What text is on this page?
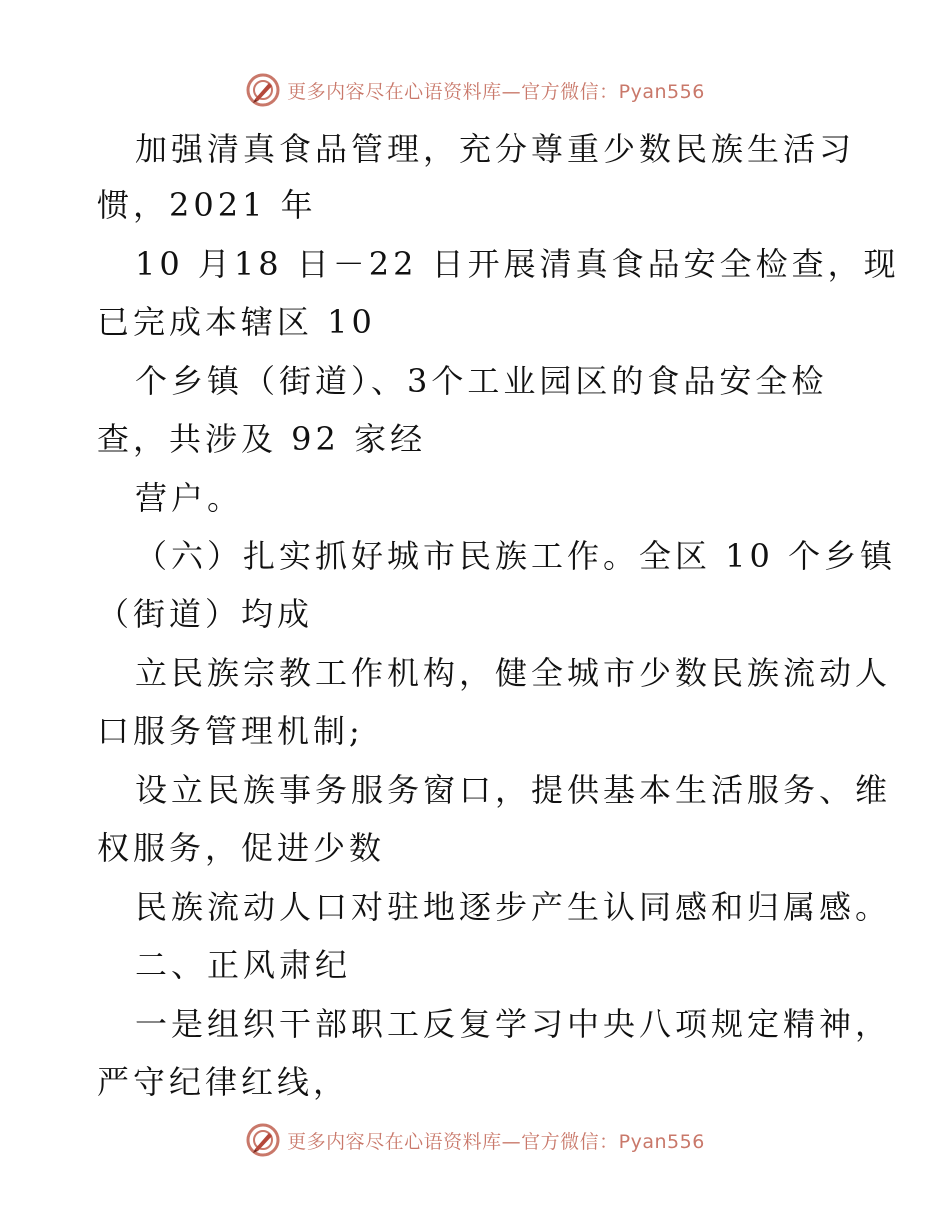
更多内容尽在心语资料库—官方微信：Pyan556
加强清真食品管理，充分尊重少数民族生活习
惯，2021 年
10 月18 日－22 日开展清真食品安全检查，现
已完成本辖区 10
个乡镇（街道）、3个工业园区的食品安全检
查，共涉及 92 家经
营户。
（六）扎实抓好城市民族工作。全区 10 个乡镇
（街道）均成
立民族宗教工作机构，健全城市少数民族流动人
口服务管理机制;
设立民族事务服务窗口，提供基本生活服务、维
权服务，促进少数
民族流动人口对驻地逐步产生认同感和归属感。
二、正风肃纪
一是组织干部职工反复学习中央八项规定精神，
严守纪律红线，
更多内容尽在心语资料库—官方微信：Pyan556
